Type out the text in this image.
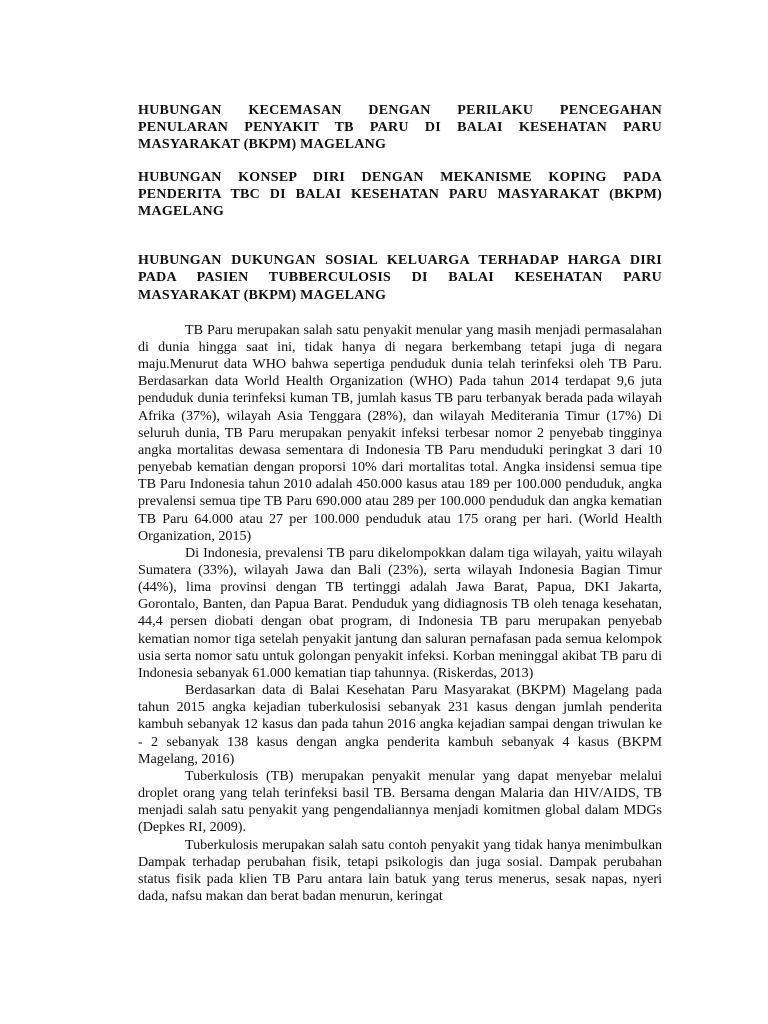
HUBUNGAN KECEMASAN DENGAN PERILAKU PENCEGAHAN PENULARAN PENYAKIT TB PARU DI BALAI KESEHATAN PARU MASYARAKAT (BKPM) MAGELANG

HUBUNGAN KONSEP DIRI DENGAN MEKANISME KOPING PADA PENDERITA TBC DI BALAI KESEHATAN PARU MASYARAKAT (BKPM) MAGELANG

HUBUNGAN DUKUNGAN SOSIAL KELUARGA TERHADAP HARGA DIRI PADA PASIEN TUBBERCULOSIS DI BALAI KESEHATAN PARU MASYARAKAT (BKPM) MAGELANG

TB Paru merupakan salah satu penyakit menular yang masih menjadi permasalahan di dunia hingga saat ini, tidak hanya di negara berkembang tetapi juga di negara maju.Menurut data WHO bahwa sepertiga penduduk dunia telah terinfeksi oleh TB Paru. Berdasarkan data World Health Organization (WHO) Pada tahun 2014 terdapat 9,6 juta penduduk dunia terinfeksi kuman TB, jumlah kasus TB paru terbanyak berada pada wilayah Afrika (37%), wilayah Asia Tenggara (28%), dan wilayah Mediterania Timur (17%) Di seluruh dunia, TB Paru merupakan penyakit infeksi terbesar nomor 2 penyebab tingginya angka mortalitas dewasa sementara di Indonesia TB Paru menduduki peringkat 3 dari 10 penyebab kematian dengan proporsi 10% dari mortalitas total. Angka insidensi semua tipe TB Paru Indonesia tahun 2010 adalah 450.000 kasus atau 189 per 100.000 penduduk, angka prevalensi semua tipe TB Paru 690.000 atau 289 per 100.000 penduduk dan angka kematian TB Paru 64.000 atau 27 per 100.000 penduduk atau 175 orang per hari. (World Health Organization, 2015)

Di Indonesia, prevalensi TB paru dikelompokkan dalam tiga wilayah, yaitu wilayah Sumatera (33%), wilayah Jawa dan Bali (23%), serta wilayah Indonesia Bagian Timur (44%), lima provinsi dengan TB tertinggi adalah Jawa Barat, Papua, DKI Jakarta, Gorontalo, Banten, dan Papua Barat. Penduduk yang didiagnosis TB oleh tenaga kesehatan, 44,4 persen diobati dengan obat program, di Indonesia TB paru merupakan penyebab kematian nomor tiga setelah penyakit jantung dan saluran pernafasan pada semua kelompok usia serta nomor satu untuk golongan penyakit infeksi. Korban meninggal akibat TB paru di Indonesia sebanyak 61.000 kematian tiap tahunnya. (Riskerdas, 2013)

Berdasarkan data di Balai Kesehatan Paru Masyarakat (BKPM) Magelang pada tahun 2015 angka kejadian tuberkulosisi sebanyak 231 kasus dengan jumlah penderita kambuh sebanyak 12 kasus dan pada tahun 2016 angka kejadian sampai dengan triwulan ke - 2 sebanyak 138 kasus dengan angka penderita kambuh sebanyak 4 kasus (BKPM Magelang, 2016)

Tuberkulosis (TB) merupakan penyakit menular yang dapat menyebar melalui droplet orang yang telah terinfeksi basil TB. Bersama dengan Malaria dan HIV/AIDS, TB menjadi salah satu penyakit yang pengendaliannya menjadi komitmen global dalam MDGs (Depkes RI, 2009).

Tuberkulosis merupakan salah satu contoh penyakit yang tidak hanya menimbulkan Dampak terhadap perubahan fisik, tetapi psikologis dan juga sosial. Dampak perubahan status fisik pada klien TB Paru antara lain batuk yang terus menerus, sesak napas, nyeri dada, nafsu makan dan berat badan menurun, keringat
